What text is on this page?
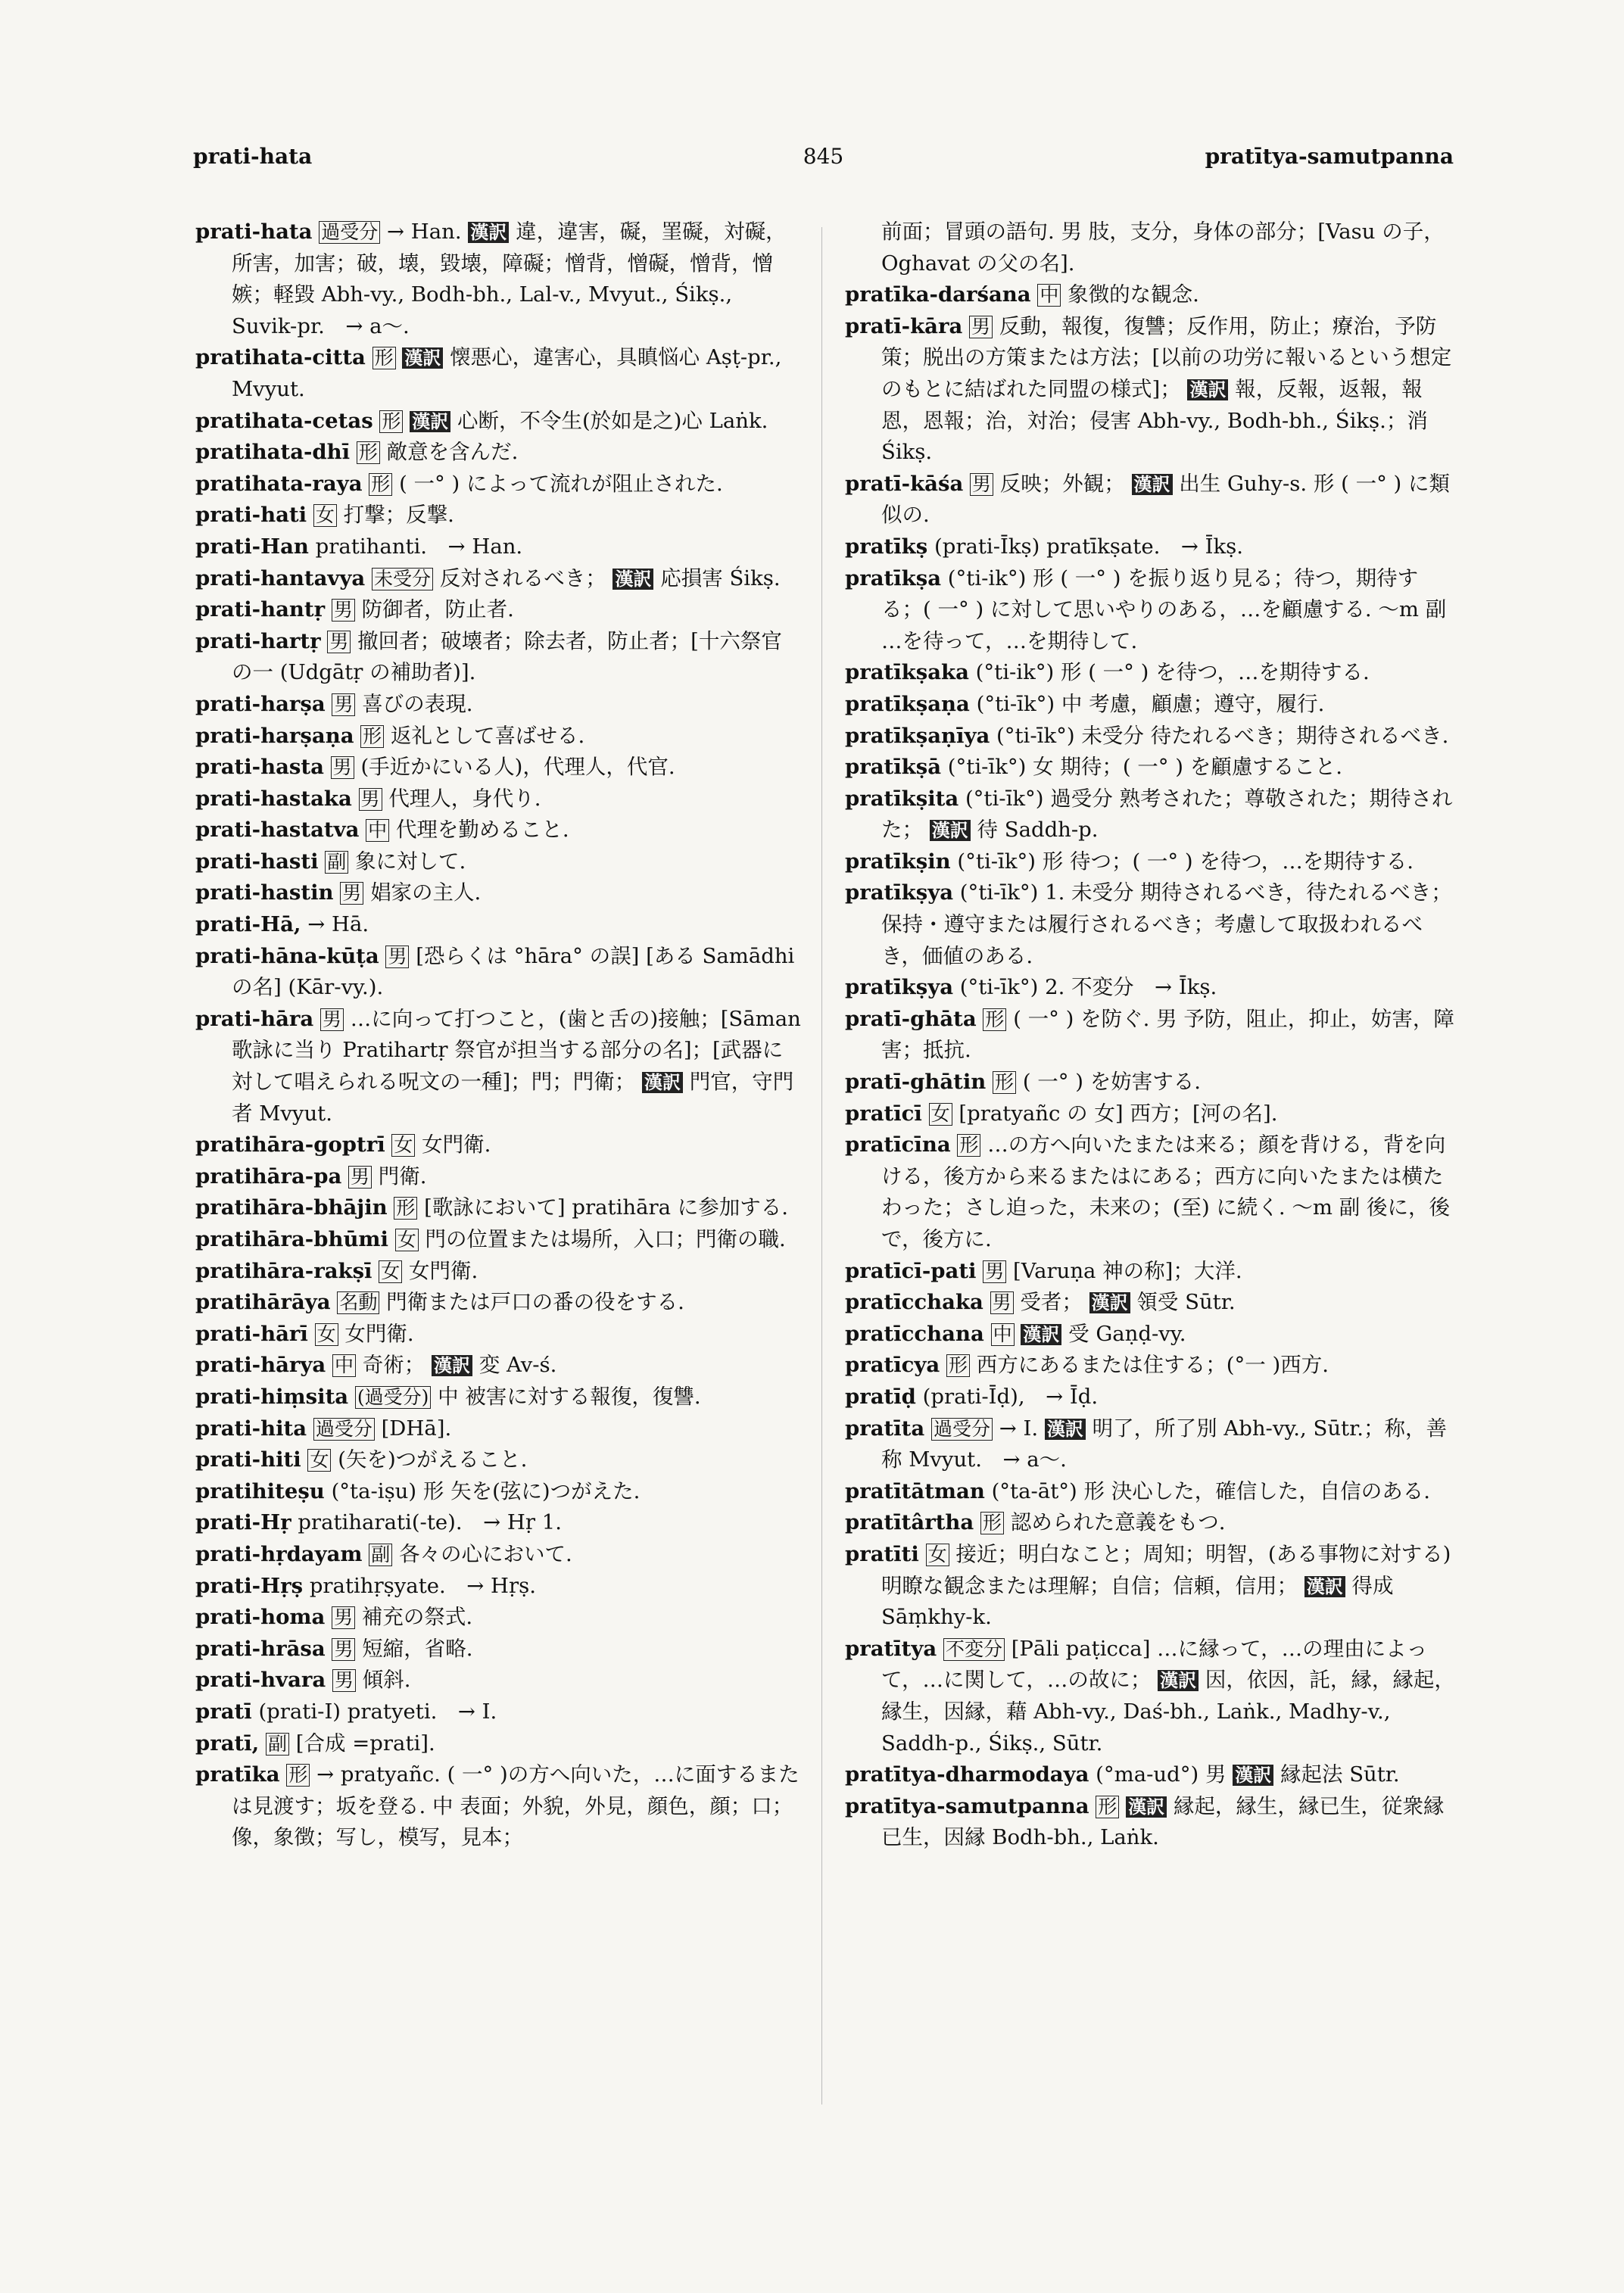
prati-hata	845	pratītya-samutpanna

prati-hata 過受分 → Han. 漢訳 違，違害，礙，罣礙，対礙，所害，加害；破，壊，毀壊，障礙；憎背，憎礙，憎背，憎嫉；軽毀 Abh-vy., Bodh-bh., Lal-v., Mvyut., Śikṣ., Suvik-pr.　→ a～.

pratihata-citta 形 漢訳 懐悪心，違害心，具瞋悩心 Aṣṭ-pr., Mvyut.

pratihata-cetas 形 漢訳 心断，不令生(於如是之)心 Laṅk.

pratihata-dhī 形 敵意を含んだ.

pratihata-raya 形 ( 一° ) によって流れが阻止された.

prati-hati 女 打撃；反撃.

prati-Han pratihanti.　→ Han.

prati-hantavya 未受分 反対されるべき； 漢訳 応損害 Śikṣ.

prati-hantṛ 男 防御者，防止者.

prati-hartṛ 男 撤回者；破壊者；除去者，防止者；[十六祭官の一 (Udgātṛ の補助者)].

prati-harṣa 男 喜びの表現.

prati-harṣaṇa 形 返礼として喜ばせる.

prati-hasta 男 (手近かにいる人)，代理人，代官.

prati-hastaka 男 代理人，身代り.

prati-hastatva 中 代理を勤めること.

prati-hasti 副 象に対して.

prati-hastin 男 娼家の主人.

prati-Hā, → Hā.

prati-hāna-kūṭa 男 [恐らくは °hāra° の誤] [ある Samādhi の名] (Kār-vy.).

prati-hāra 男 …に向って打つこと，(歯と舌の)接触；[Sāman歌詠に当り Pratihartṛ 祭官が担当する部分の名]；[武器に対して唱えられる呪文の一種]；門；門衛； 漢訳 門官，守門者 Mvyut.

pratihāra-goptrī 女 女門衛.

pratihāra-pa 男 門衛.

pratihāra-bhājin 形 [歌詠において] pratihāra に参加する.

pratihāra-bhūmi 女 門の位置または場所，入口；門衛の職.

pratihāra-rakṣī 女 女門衛.

pratihārāya 名動 門衛または戸口の番の役をする.

prati-hārī 女 女門衛.

prati-hārya 中 奇術； 漢訳 変 Av-ś.

prati-hiṃsita (過受分) 中 被害に対する報復，復讐.

prati-hita 過受分 [DHā].

prati-hiti 女 (矢を)つがえること.

pratihiteṣu (°ta-iṣu) 形 矢を(弦に)つがえた.

prati-Hṛ pratiharati(-te).　→ Hṛ 1.

prati-hṛdayam 副 各々の心において.

prati-Hṛṣ pratihṛṣyate.　→ Hṛṣ.

prati-homa 男 補充の祭式.

prati-hrāsa 男 短縮，省略.

prati-hvara 男 傾斜.

pratī (prati-I) pratyeti.　→ I.

pratī, 副 [合成 =prati].

pratīka 形 → pratyañc. ( 一° )の方へ向いた，…に面するまたは見渡す；坂を登る. 中 表面；外貌，外見，顔色，顔；口；像，象徴；写し，模写，見本；

前面；冒頭の語句. 男 肢，支分，身体の部分；[Vasu の子，Oghavat の父の名].

pratīka-darśana 中 象徴的な観念.

pratī-kāra 男 反動，報復，復讐；反作用，防止；療治，予防策；脱出の方策または方法；[以前の功労に報いるという想定のもとに結ばれた同盟の様式]； 漢訳 報，反報，返報，報恩，恩報；治，対治；侵害 Abh-vy., Bodh-bh., Śikṣ.；消 Śikṣ.

pratī-kāśa 男 反映；外観； 漢訳 出生 Guhy-s. 形 ( 一° ) に類似の.

pratīkṣ (prati-Īkṣ) pratīkṣate.　→ Īkṣ.

pratīkṣa (°ti-ik°) 形 ( 一° ) を振り返り見る；待つ，期待する；( 一° ) に対して思いやりのある，…を顧慮する. ～m 副 …を待って，…を期待して.

pratīkṣaka (°ti-ik°) 形 ( 一° ) を待つ，…を期待する.

pratīkṣaṇa (°ti-īk°) 中 考慮，顧慮；遵守，履行.

pratīkṣaṇīya (°ti-īk°) 未受分 待たれるべき；期待されるべき.

pratīkṣā (°ti-īk°) 女 期待；( 一° ) を顧慮すること.

pratīkṣita (°ti-īk°) 過受分 熟考された；尊敬された；期待された； 漢訳 待 Saddh-p.

pratīkṣin (°ti-īk°) 形 待つ；( 一° ) を待つ，…を期待する.

pratīkṣya (°ti-īk°) 1. 未受分 期待されるべき，待たれるべき；保持・遵守または履行されるべき；考慮して取扱われるべき，価値のある.

pratīkṣya (°ti-īk°) 2. 不変分　→ Īkṣ.

pratī-ghāta 形 ( 一° ) を防ぐ. 男 予防，阻止，抑止，妨害，障害；抵抗.

pratī-ghātin 形 ( 一° ) を妨害する.

pratīcī 女 [pratyañc の 女] 西方；[河の名].

pratīcīna 形 …の方へ向いたまたは来る；顔を背ける，背を向ける，後方から来るまたはにある；西方に向いたまたは横たわった；さし迫った，未来の；(至) に続く. ～m 副 後に，後で，後方に.

pratīcī-pati 男 [Varuṇa 神の称]；大洋.

pratīcchaka 男 受者； 漢訳 領受 Sūtr.

pratīcchana 中 漢訳 受 Gaṇḍ-vy.

pratīcya 形 西方にあるまたは住する；(°一 )西方.

pratīḍ (prati-Īḍ),　→ Īḍ.

pratīta 過受分 → I. 漢訳 明了，所了別 Abh-vy., Sūtr.；称，善称 Mvyut.　→ a～.

pratītātman (°ta-āt°) 形 決心した，確信した，自信のある.

pratītârtha 形 認められた意義をもつ.

pratīti 女 接近；明白なこと；周知；明智，(ある事物に対する)明瞭な観念または理解；自信；信頼，信用； 漢訳 得成 Sāṃkhy-k.

pratītya 不変分 [Pāli paṭicca] …に縁って，…の理由によって，…に関して，…の故に； 漢訳 因，依因，託，縁，縁起，縁生，因縁，藉 Abh-vy., Daś-bh., Laṅk., Madhy-v., Saddh-p., Śikṣ., Sūtr.

pratītya-dharmodaya (°ma-ud°) 男 漢訳 縁起法 Sūtr.

pratītya-samutpanna 形 漢訳 縁起，縁生，縁已生，従衆縁已生，因縁 Bodh-bh., Laṅk.
